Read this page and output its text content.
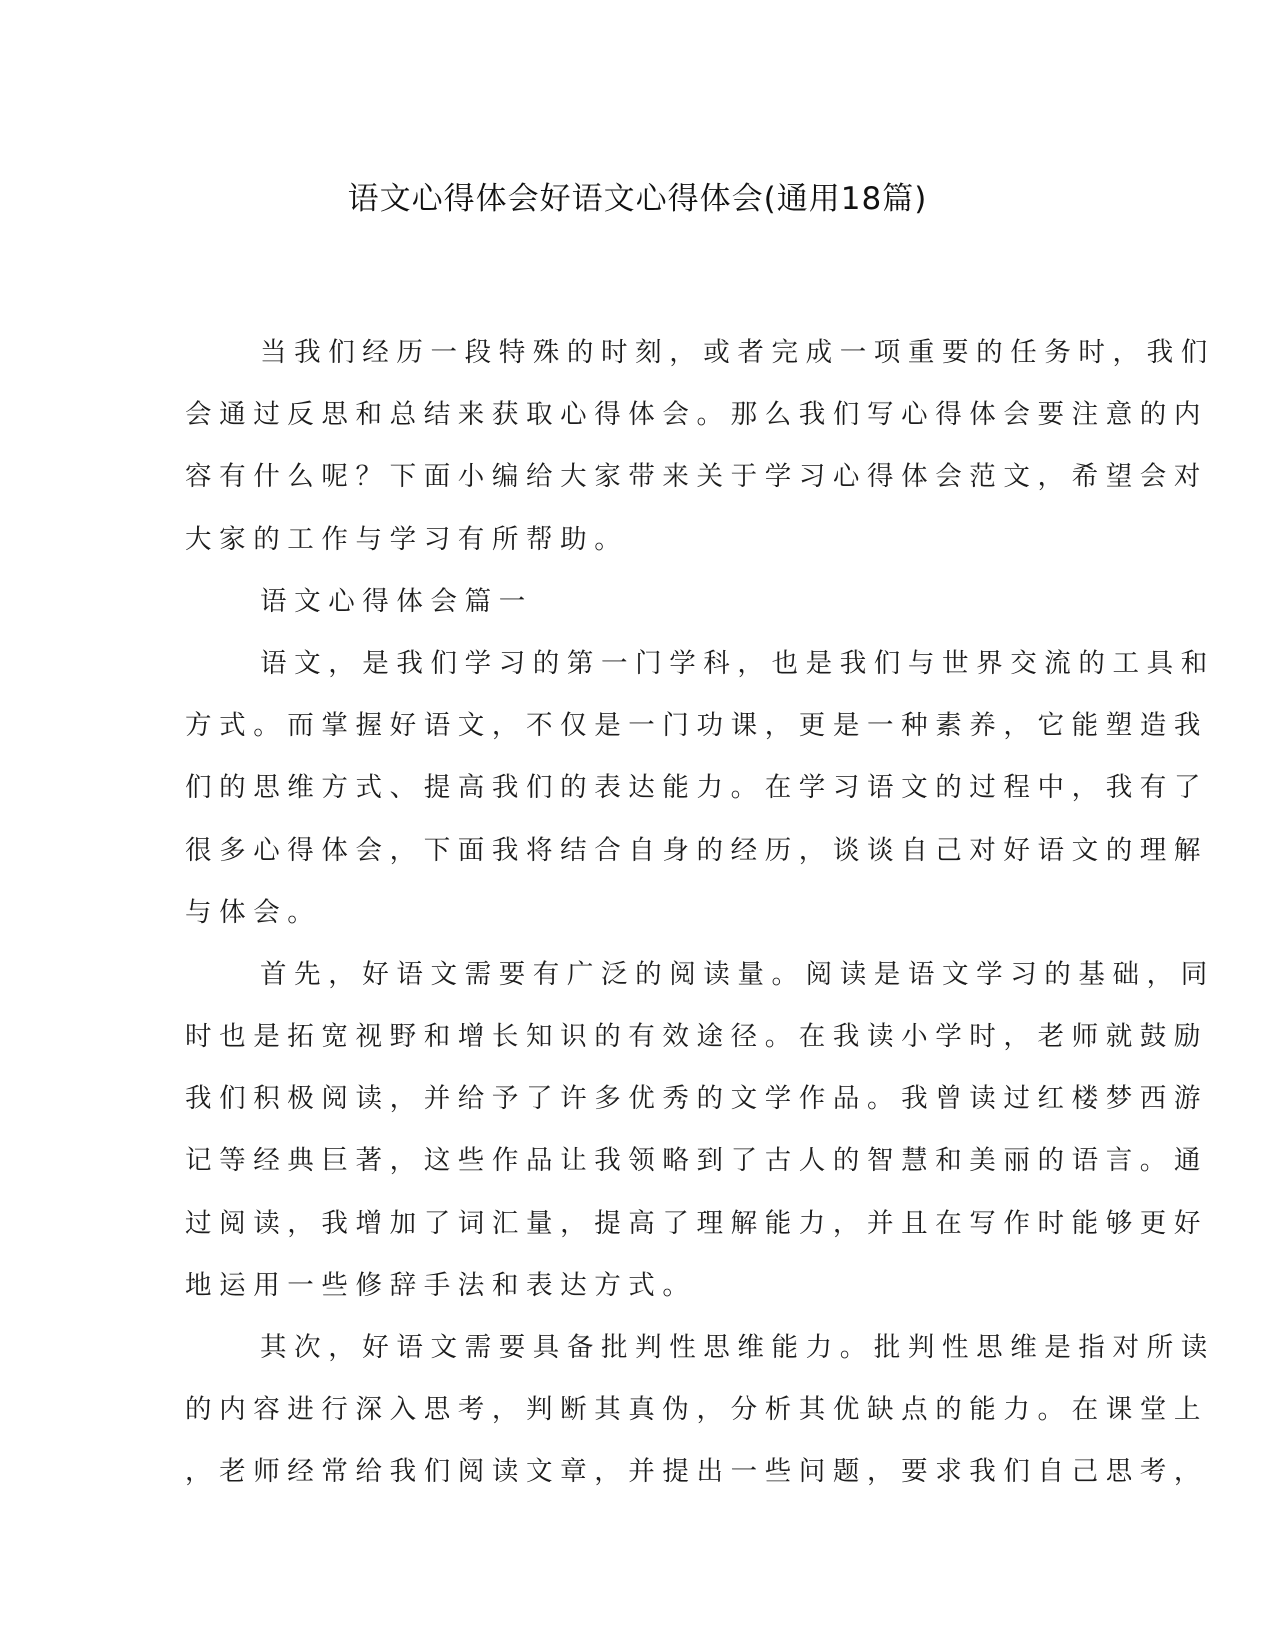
语文心得体会好语文心得体会(通用18篇)
当我们经历一段特殊的时刻，或者完成一项重要的任务时，我们
会通过反思和总结来获取心得体会。那么我们写心得体会要注意的内
容有什么呢？下面小编给大家带来关于学习心得体会范文，希望会对
大家的工作与学习有所帮助。
语文心得体会篇一
语文，是我们学习的第一门学科，也是我们与世界交流的工具和
方式。而掌握好语文，不仅是一门功课，更是一种素养，它能塑造我
们的思维方式、提高我们的表达能力。在学习语文的过程中，我有了
很多心得体会，下面我将结合自身的经历，谈谈自己对好语文的理解
与体会。
首先，好语文需要有广泛的阅读量。阅读是语文学习的基础，同
时也是拓宽视野和增长知识的有效途径。在我读小学时，老师就鼓励
我们积极阅读，并给予了许多优秀的文学作品。我曾读过红楼梦西游
记等经典巨著，这些作品让我领略到了古人的智慧和美丽的语言。通
过阅读，我增加了词汇量，提高了理解能力，并且在写作时能够更好
地运用一些修辞手法和表达方式。
其次，好语文需要具备批判性思维能力。批判性思维是指对所读
的内容进行深入思考，判断其真伪，分析其优缺点的能力。在课堂上
，老师经常给我们阅读文章，并提出一些问题，要求我们自己思考，
